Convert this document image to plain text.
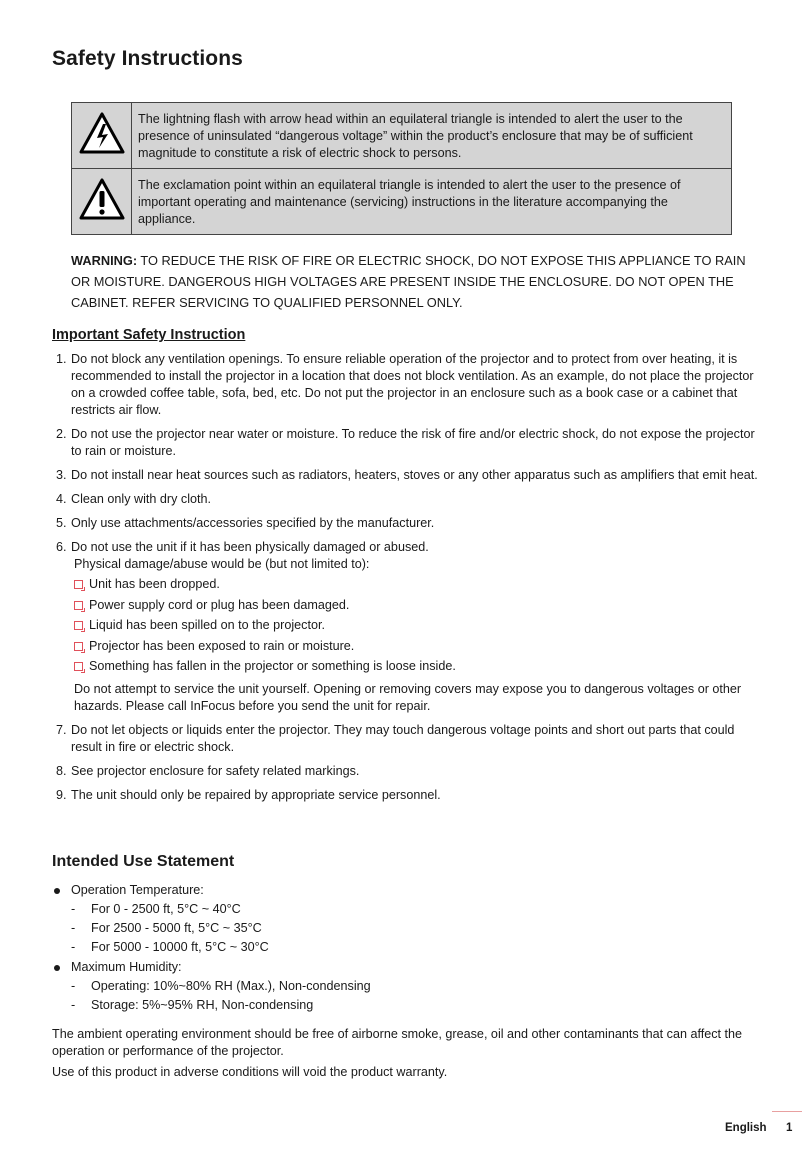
Safety Instructions
	The lightning flash with arrow head within an equilateral triangle is intended to alert the user to the presence of uninsulated “dangerous voltage” within the product’s enclosure that may be of sufficient magnitude to constitute a risk of electric shock to persons.
	The exclamation point within an equilateral triangle is intended to alert the user to the presence of important operating and maintenance (servicing) instructions in the literature accompanying the appliance.

WARNING: TO REDUCE THE RISK OF FIRE OR ELECTRIC SHOCK, DO NOT EXPOSE THIS APPLIANCE TO RAIN OR MOISTURE. DANGEROUS HIGH VOLTAGES ARE PRESENT INSIDE THE ENCLOSURE. DO NOT OPEN THE CABINET. REFER SERVICING TO QUALIFIED PERSONNEL ONLY.

Important Safety Instruction
1. Do not block any ventilation openings. To ensure reliable operation of the projector and to protect from over heating, it is recommended to install the projector in a location that does not block ventilation. As an example, do not place the projector on a crowded coffee table, sofa, bed, etc. Do not put the projector in an enclosure such as a book case or a cabinet that restricts air flow.
2. Do not use the projector near water or moisture. To reduce the risk of fire and/or electric shock, do not expose the projector to rain or moisture.
3. Do not install near heat sources such as radiators, heaters, stoves or any other apparatus such as amplifiers that emit heat.
4. Clean only with dry cloth.
5. Only use attachments/accessories specified by the manufacturer.
6. Do not use the unit if it has been physically damaged or abused.
Physical damage/abuse would be (but not limited to):
Unit has been dropped.
Power supply cord or plug has been damaged.
Liquid has been spilled on to the projector.
Projector has been exposed to rain or moisture.
Something has fallen in the projector or something is loose inside.
Do not attempt to service the unit yourself. Opening or removing covers may expose you to dangerous voltages or other hazards. Please call InFocus before you send the unit for repair.
7. Do not let objects or liquids enter the projector. They may touch dangerous voltage points and short out parts that could result in fire or electric shock.
8. See projector enclosure for safety related markings.
9. The unit should only be repaired by appropriate service personnel.
Intended Use Statement
Operation Temperature:
- For 0 - 2500 ft, 5°C ~ 40°C
- For 2500 - 5000 ft, 5°C ~ 35°C
- For 5000 - 10000 ft, 5°C ~ 30°C
Maximum Humidity:
- Operating: 10%~80% RH (Max.), Non-condensing
- Storage: 5%~95% RH, Non-condensing

The ambient operating environment should be free of airborne smoke, grease, oil and other contaminants that can affect the operation or performance of the projector.

Use of this product in adverse conditions will void the product warranty.

English 1
